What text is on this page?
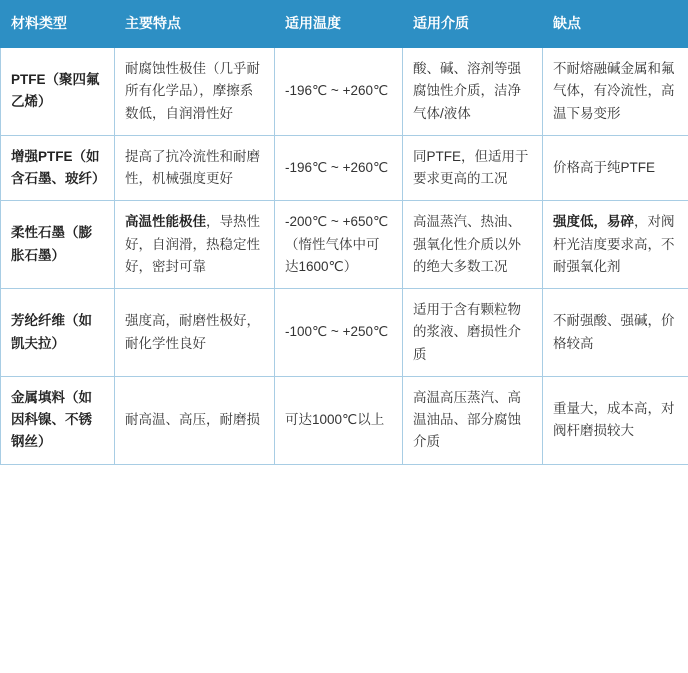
材料类型	主要特点	适用温度	适用介质	缺点
PTFE（聚四氟乙烯）	耐腐蚀性极佳（几乎耐所有化学品），摩擦系数低，自润滑性好	-196℃ ~ +260℃	酸、碱、溶剂等强腐蚀性介质，洁净气体/液体	不耐熔融碱金属和氟气体，有冷流性，高温下易变形
增强PTFE（如含石墨、玻纤）	提高了抗冷流性和耐磨性，机械强度更好	-196℃ ~ +260℃	同PTFE，但适用于要求更高的工况	价格高于纯PTFE
柔性石墨（膨胀石墨）	高温性能极佳，导热性好，自润滑，热稳定性好，密封可靠	-200℃ ~ +650℃（惰性气体中可达1600℃）	高温蒸汽、热油、强氧化性介质以外的绝大多数工况	强度低，易碎，对阀杆光洁度要求高，不耐强氧化剂
芳纶纤维（如凯夫拉）	强度高，耐磨性极好，耐化学性良好	-100℃ ~ +250℃	适用于含有颗粒物的浆液、磨损性介质	不耐强酸、强碱，价格较高
金属填料（如因科镍、不锈钢丝）	耐高温、高压，耐磨损	可达1000℃以上	高温高压蒸汽、高温油品、部分腐蚀介质	重量大，成本高，对阀杆磨损较大
